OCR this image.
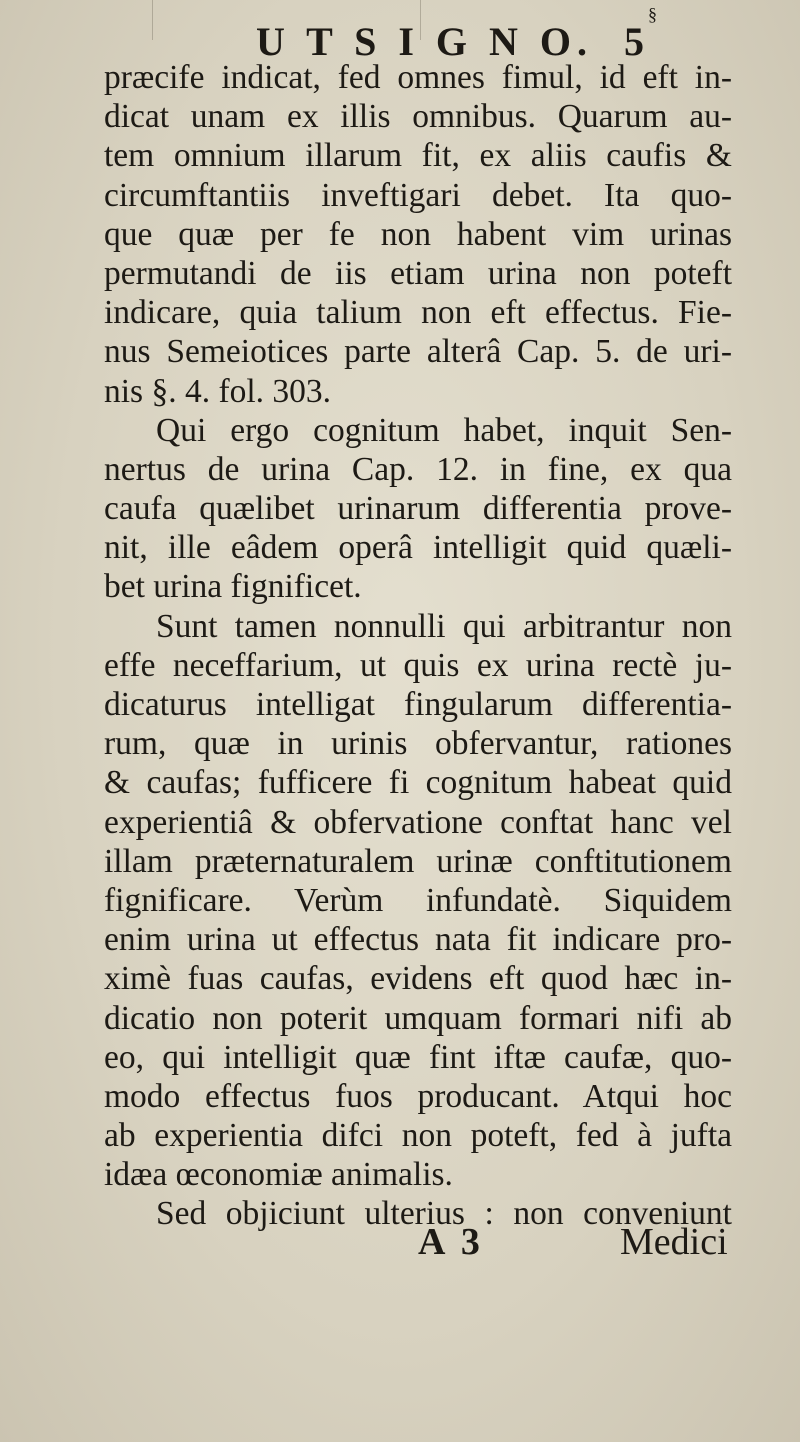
U T S I G N O.
§
5
præcife indicat, fed omnes fimul, id eft in-
dicat unam ex illis omnibus. Quarum au-
tem omnium illarum fit, ex aliis caufis &
circumftantiis inveftigari debet. Ita quo-
que quæ per fe non habent vim urinas
permutandi de iis etiam urina non poteft
indicare, quia talium non eft effectus. Fie-
nus Semeiotices parte alterâ Cap. 5. de uri-
nis §. 4. fol. 303.
Qui ergo cognitum habet, inquit Sen-
nertus de urina Cap. 12. in fine, ex qua
caufa quælibet urinarum differentia prove-
nit, ille eâdem operâ intelligit quid quæli-
bet urina fignificet.
Sunt tamen nonnulli qui arbitrantur non
effe neceffarium, ut quis ex urina rectè ju-
dicaturus intelligat fingularum differentia-
rum, quæ in urinis obfervantur, rationes
& caufas; fufficere fi cognitum habeat quid
experientiâ & obfervatione conftat hanc vel
illam præternaturalem urinæ conftitutionem
fignificare. Verùm infundatè. Siquidem
enim urina ut effectus nata fit indicare pro-
ximè fuas caufas, evidens eft quod hæc in-
dicatio non poterit umquam formari nifi ab
eo, qui intelligit quæ fint iftæ caufæ, quo-
modo effectus fuos producant. Atqui hoc
ab experientia difci non poteft, fed à jufta
idæa œconomiæ animalis.
Sed objiciunt ulterius : non conveniunt
A 3	Medici
